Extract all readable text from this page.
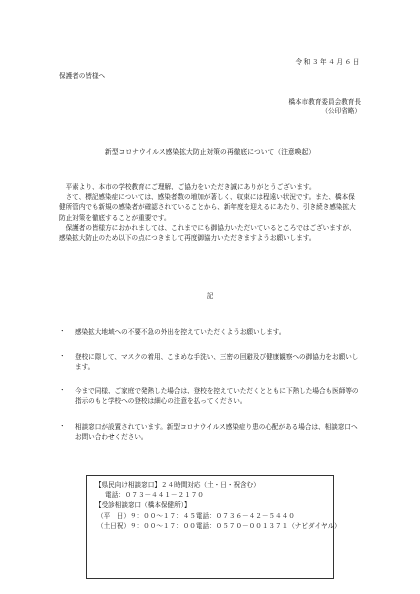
令和３年４月６日
保護者の皆様へ
橋本市教育委員会教育長
（公印省略）
新型コロナウイルス感染拡大防止対策の再徹底について（注意喚起）

平素より、本市の学校教育にご理解、ご協力をいただき誠にありがとうございます。

さて、標記感染症については、感染者数の増加が著しく、収束には程遠い状況です。また、橋本保健所管内でも新規の感染者が確認されていることから、新年度を迎えるにあたり、引き続き感染拡大防止対策を徹底することが重要です。

保護者の皆様方におかれましては、これまでにも御協力いただいているところではございますが、感染拡大防止のため以下の点につきまして再度御協力いただきますようお願いします。

記
・	感染拡大地域への不要不急の外出を控えていただくようお願いします。
・	登校に際して、マスクの着用、こまめな手洗い、三密の回避及び健康観察への御協力をお願いします。
・	今まで同様、ご家庭で発熱した場合は、登校を控えていただくとともに下熱した場合も医師等の指示のもと学校への登校は細心の注意を払ってください。
・	相談窓口が設置されています。新型コロナウイルス感染症り患の心配がある場合は、相談窓口へお問い合わせください。
【県民向け相談窓口】２４時間対応（土・日・祝含む）
電話：０７３－４４１－２１７０
【受診相談窓口（橋本保健所）】
（平　日）９：００～１７：４５電話：０７３６－４２－５４４０
（土日祝）９：００～１７：００電話：０５７０－００１３７１（ナビダイヤル）
